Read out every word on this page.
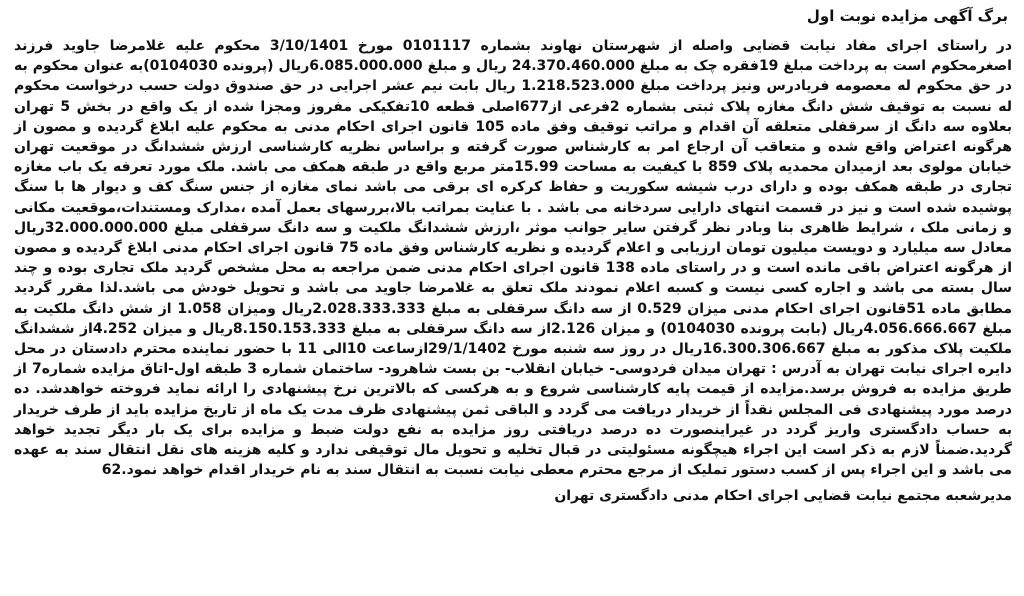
برگ آگهی مزایده نوبت اول

در راستای اجرای مفاد نیابت قضایی واصله از شهرستان نهاوند بشماره 0101117 مورخ 3/10/1401 محکوم علیه غلامرضا جاوید فرزند اصغرمحکوم است به پرداخت مبلغ 19فقره چک به مبلغ 24.370.460.000 ریال و مبلغ 6.085.000.000ریال (پرونده 0104030)به عنوان محکوم به در حق محکوم له معصومه فریادرس ونیز پرداخت مبلغ 1.218.523.000 ریال بابت نیم عشر اجرایی در حق صندوق دولت حسب درخواست محکوم له نسبت به توقیف شش دانگ مغازه پلاک ثبتی بشماره 2فرعی از677اصلی قطعه 10تفکیکی مفروز ومجزا شده از یک واقع در بخش 5 تهران بعلاوه سه دانگ از سرقفلی متعلقه آن اقدام و مراتب توقیف وفق ماده 105 قانون اجرای احکام مدنی به محکوم علیه ابلاغ گردیده و مصون از هرگونه اعتراض واقع شده و متعاقب آن ارجاع امر به کارشناس صورت گرفته و براساس نظریه کارشناسی ارزش ششدانگ در موقعیت تهران خیابان مولوی بعد ازمیدان محمدیه پلاک 859 با کیفیت به مساحت 15.99متر مربع واقع در طبقه همکف می باشد. ملک مورد تعرفه یک باب مغازه تجاری در طبقه همکف بوده و دارای درب شیشه سکوریت و حفاظ کرکره ای برقی می باشد نمای مغازه از جنس سنگ کف و دیوار ها با سنگ پوشیده شده است و نیز در قسمت انتهای دارایی سردخانه می باشد . با عنایت بمراتب بالا،بررسهای بعمل آمده ،مدارک ومستندات،موقعیت مکانی و زمانی ملک ، شرایط ظاهری بنا وبادر نظر گرفتن سایر جوانب موثر ،ارزش ششدانگ ملکیت و سه دانگ سرقفلی مبلغ 32.000.000.000ریال معادل سه میلیارد و دویست میلیون تومان ارزیابی و اعلام گردیده و نظریه کارشناس وفق ماده 75 قانون اجرای احکام مدنی ابلاغ گردیده و مصون از هرگونه اعتراض باقی مانده است و در راستای ماده 138 قانون اجرای احکام مدنی ضمن مراجعه به محل مشخص گردید ملک تجاری بوده و چند سال بسته می باشد و اجاره کسی نیست و کسبه اعلام نمودند ملک تعلق به غلامرضا جاوید می باشد و تحویل خودش می باشد.لذا مقرر گردید مطابق ماده 51قانون اجرای احکام مدنی میزان 0.529 از سه دانگ سرقفلی به مبلغ 2.028.333.333ریال ومیزان 1.058 از شش دانگ ملکیت به مبلغ 4.056.666.667ریال (بابت پرونده 0104030) و میزان 2.126از سه دانگ سرقفلی به مبلغ 8.150.153.333ریال و میزان 4.252از ششدانگ ملکیت پلاک مذکور به مبلغ 16.300.306.667ریال در روز سه شنبه مورخ 29/1/1402ازساعت 10الی 11 با حضور نماینده محترم دادستان در محل دایره اجرای نیابت تهران به آدرس : تهران میدان فردوسی- خیابان انقلاب- بن بست شاهرود- ساختمان شماره 3 طبقه اول-اتاق مزایده شماره7 از طریق مزایده به فروش برسد.مزایده از قیمت پایه کارشناسی شروع و به هرکسی که بالاترین نرخ پیشنهادی را ارائه نماید فروخته خواهدشد. ده درصد مورد پیشنهادی فی المجلس نقداً از خریدار دریافت می گردد و الباقی ثمن پیشنهادی ظرف مدت یک ماه از تاریخ مزایده باید از طرف خریدار به حساب دادگستری واریز گردد در غیراینصورت ده درصد دریافتی روز مزایده به نفع دولت ضبط و مزایده برای یک بار دیگر تجدید خواهد گردید.ضمناً لازم به ذکر است این اجراء هیچگونه مسئولیتی در قبال تخلیه و تحویل مال توقیفی ندارد و کلیه هزینه های نقل انتقال سند به عهده می باشد و این اجراء پس از کسب دستور تملیک از مرجع محترم معطی نیابت نسبت به انتقال سند به نام خریدار اقدام خواهد نمود.62

مدیرشعبه مجتمع نیابت قضایی اجرای احکام مدنی دادگستری تهران
